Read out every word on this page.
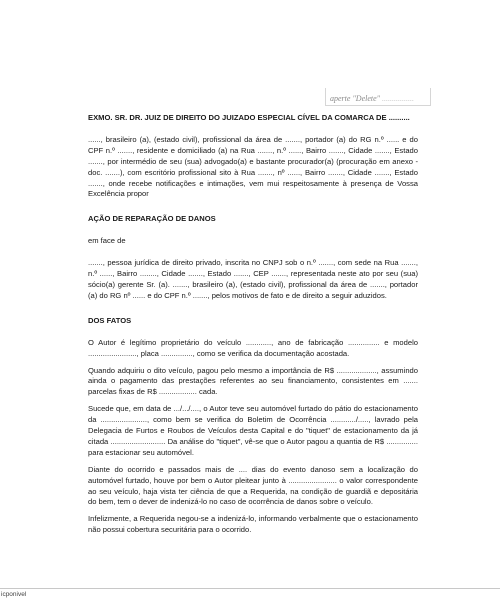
aperte "Delete" ................

EXMO. SR. DR. JUIZ DE DIREITO DO JUIZADO ESPECIAL CÍVEL DA COMARCA DE ..........

......, brasileiro (a), (estado civil), profissional da área de ......., portador (a) do RG n.º ...... e do CPF n.º ......., residente e domiciliado (a) na Rua ......., n.º ......, Bairro ......., Cidade ......., Estado ......., por intermédio de seu (sua) advogado(a) e bastante procurador(a) (procuração em anexo - doc. .......), com escritório profissional sito à Rua ......., nº ......, Bairro ......., Cidade ......., Estado ......., onde recebe notificações e intimações, vem mui respeitosamente à presença de Vossa Excelência propor

AÇÃO DE REPARAÇÃO DE DANOS

em face de

......., pessoa jurídica de direito privado, inscrita no CNPJ sob o n.º ......., com sede na Rua ......., n.º ......, Bairro ........, Cidade ......., Estado ......., CEP ......., representada neste ato por seu (sua) sócio(a) gerente Sr. (a). ......., brasileiro (a), (estado civil), profissional da área de ......., portador (a) do RG nº ...... e do CPF n.º ......., pelos motivos de fato e de direito a seguir aduzidos.

DOS FATOS

O Autor é legítimo proprietário do veículo ............, ano de fabricação ............... e modelo ......................., placa ..............., como se verifica da documentação acostada.

Quando adquiriu o dito veículo, pagou pelo mesmo a importância de R$ ..................., assumindo ainda o pagamento das prestações referentes ao seu financiamento, consistentes em ....... parcelas fixas de R$ .................. cada.

Sucede que, em data de .../.../...., o Autor teve seu automóvel furtado do pátio do estacionamento da ......................, como bem se verifica do Boletim de Ocorrência ............/....., lavrado pela Delegacia de Furtos e Roubos de Veículos desta Capital e do "tiquet" de estacionamento da já citada .......................... Da análise do "tiquet", vê-se que o Autor pagou a quantia de R$ ............... para estacionar seu automóvel.

Diante do ocorrido e passados mais de .... dias do evento danoso sem a localização do automóvel furtado, houve por bem o Autor pleitear junto à ....................... o valor correspondente ao seu veículo, haja vista ter ciência de que a Requerida, na condição de guardiã e depositária do bem, tem o dever de indenizá-lo no caso de ocorrência de danos sobre o veículo.

Infelizmente, a Requerida negou-se a indenizá-lo, informando verbalmente que o estacionamento não possui cobertura securitária para o ocorrido.

icponivel
